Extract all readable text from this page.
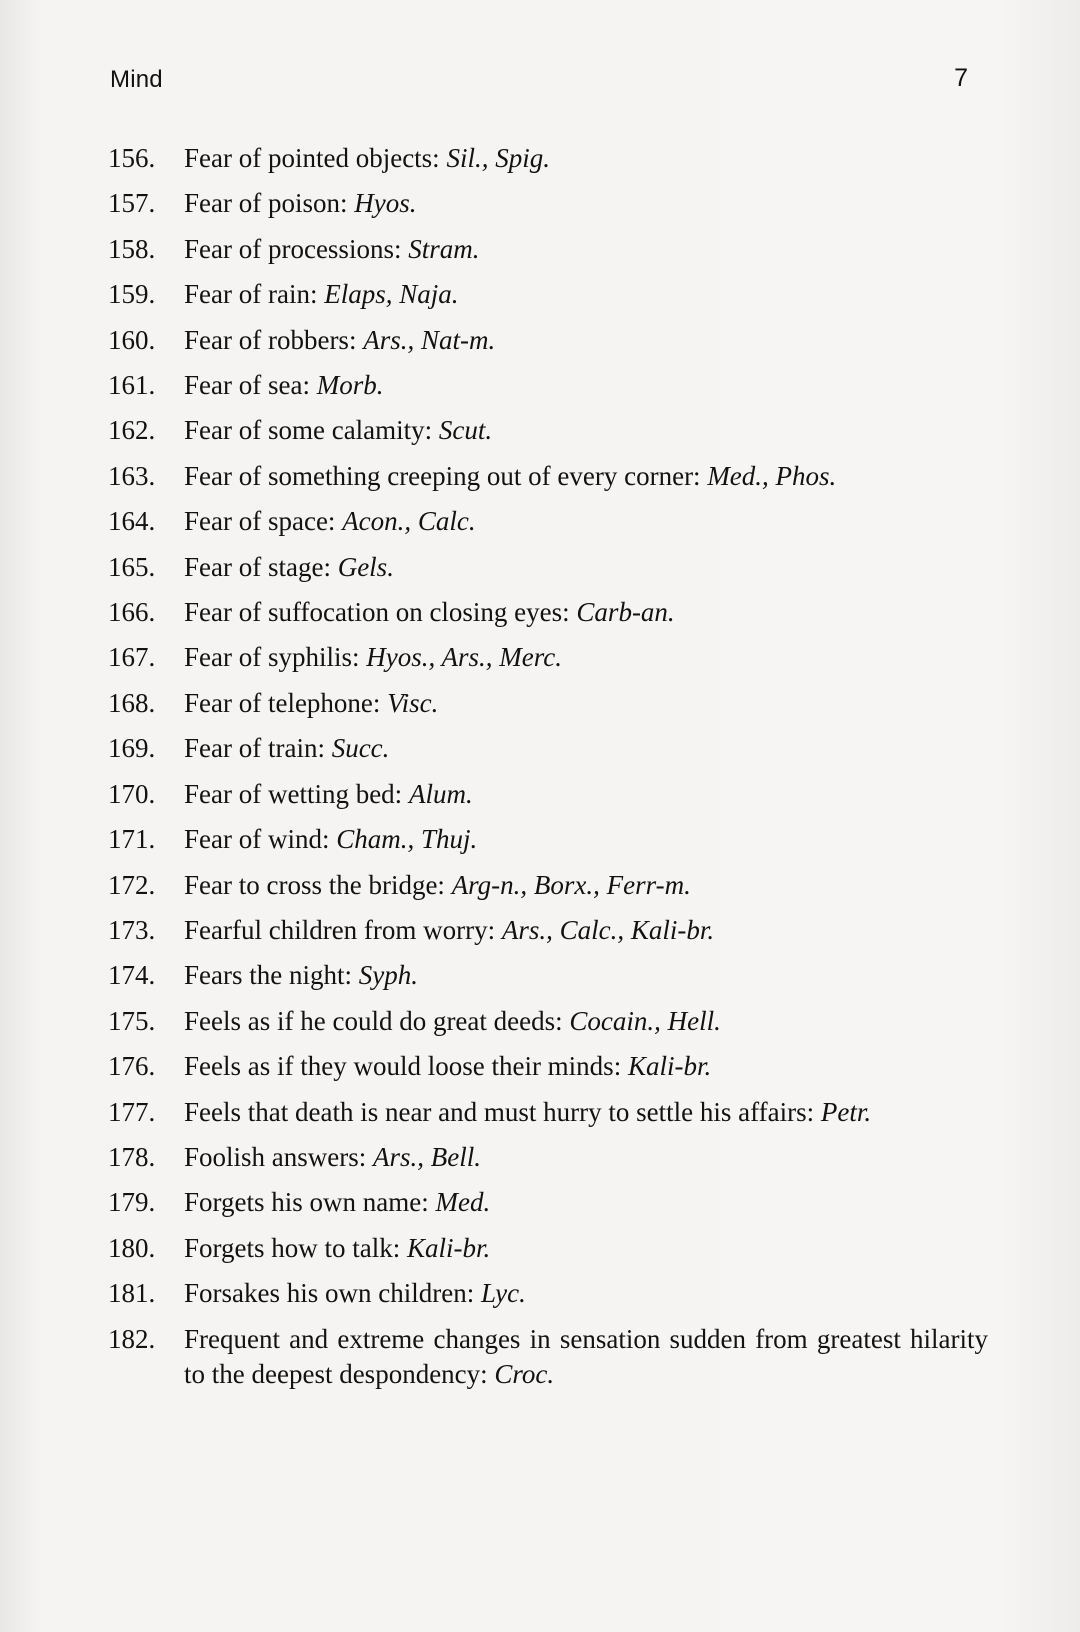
Mind	7
156.	Fear of pointed objects: Sil., Spig.
157.	Fear of poison: Hyos.
158.	Fear of processions: Stram.
159.	Fear of rain: Elaps, Naja.
160.	Fear of robbers: Ars., Nat-m.
161.	Fear of sea: Morb.
162.	Fear of some calamity: Scut.
163.	Fear of something creeping out of every corner: Med., Phos.
164.	Fear of space: Acon., Calc.
165.	Fear of stage: Gels.
166.	Fear of suffocation on closing eyes: Carb-an.
167.	Fear of syphilis: Hyos., Ars., Merc.
168.	Fear of telephone: Visc.
169.	Fear of train: Succ.
170.	Fear of wetting bed: Alum.
171.	Fear of wind: Cham., Thuj.
172.	Fear to cross the bridge: Arg-n., Borx., Ferr-m.
173.	Fearful children from worry: Ars., Calc., Kali-br.
174.	Fears the night: Syph.
175.	Feels as if he could do great deeds: Cocain., Hell.
176.	Feels as if they would loose their minds: Kali-br.
177.	Feels that death is near and must hurry to settle his affairs: Petr.
178.	Foolish answers: Ars., Bell.
179.	Forgets his own name: Med.
180.	Forgets how to talk: Kali-br.
181.	Forsakes his own children: Lyc.
182.	Frequent and extreme changes in sensation sudden from greatest hilarity to the deepest despondency: Croc.
